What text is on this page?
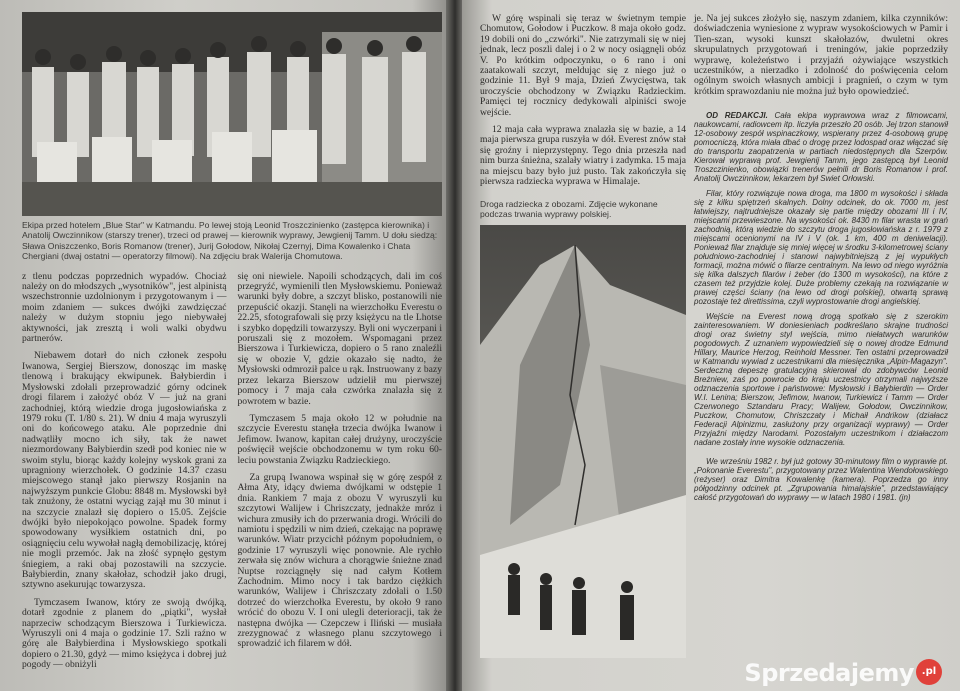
Ekipa przed hotelem „Blue Star" w Katmandu. Po lewej stoją Leonid Troszczinienko (zastępca kierownika) i Anatolij Owczinnikow (starszy trener), trzeci od prawej — kierownik wyprawy, Jewgienij Tamm. U dołu siedzą: Sława Oniszczenko, Boris Romanow (trener), Jurij Gołodow, Nikołaj Czernyj, Dima Kowalenko i Chata Chergiani (dwaj ostatni — operatorzy filmowi). Na zdjęciu brak Walerija Chomutowa.

z tlenu podczas poprzednich wypadów. Chociaż należy on do młodszych „wysotników", jest alpinistą wszechstronnie uzdolnionym i przygotowanym i — moim zdaniem — sukces dwójki zawdzięczać należy w dużym stopniu jego niebywałej aktywności, jak zresztą i woli walki obydwu partnerów.

Niebawem dotarł do nich członek zespołu Iwanowa, Sergiej Bierszow, donosząc im maskę tlenową i brakujący ekwipunek. Bałybierdin i Mysłowski zdołali przeprowadzić górny odcinek drogi filarem i założyć obóz V — już na grani zachodniej, którą wiedzie droga jugosłowiańska z 1979 roku (T. 1/80 s. 21). W dniu 4 maja wyruszyli oni do końcowego ataku. Ale poprzednie dni nadwątliły mocno ich siły, tak że nawet niezmordowany Bałybierdin szedł pod koniec nie w swoim stylu, biorąc każdy kolejny wyskok grani za upragniony wierzchołek. O godzinie 14.37 czasu miejscowego stanął jako pierwszy Rosjanin na najwyższym punkcie Globu: 8848 m. Mysłowski był tak znużony, że ostatni wyciąg zajął mu 30 minut i na szczycie znalazł się dopiero o 15.05. Zejście dwójki było niepokojąco powolne. Spadek formy spowodowany wysiłkiem ostatnich dni, po osiągnięciu celu wywołał nagłą demobilizację, której nie mogli przemóc. Jak na złość sypnęło gęstym śniegiem, a raki obaj pozostawili na szczycie. Bałybierdin, znany skałołaz, schodził jako drugi, sztywno asekurując towarzysza.

Tymczasem Iwanow, który ze swoją dwójką, dotarł zgodnie z planem do „piątki", wysłał naprzeciw schodzącym Bierszowa i Turkiewicza. Wyruszyli oni 4 maja o godzinie 17. Szli raźno w górę ale Bałybierdina i Mysłowskiego spotkali dopiero o 21.30, gdyż — mimo księżyca i dobrej już pogody — obniżyli

się oni niewiele. Napoili schodzących, dali im coś przegryźć, wymienili tlen Mysłowskiemu. Ponieważ warunki były dobre, a szczyt blisko, postanowili nie przepuścić okazji. Stanęli na wierzchołku Everestu o 22.25, sfotografowali się przy księżycu na tle Lhotse i szybko dopędzili towarzyszy. Byli oni wyczerpani i poruszali się z mozołem. Wspomagani przez Bierszowa i Turkiewicza, dopiero o 5 rano znaleźli się w obozie V, gdzie okazało się nadto, że Mysłowski odmroził palce u rąk. Instruowany z bazy przez lekarza Bierszow udzielił mu pierwszej pomocy i 7 maja cała czwórka znalazła się z powrotem w bazie.

Tymczasem 5 maja około 12 w południe na szczycie Everestu stanęła trzecia dwójka Iwanow i Jefimow. Iwanow, kapitan całej drużyny, uroczyście poświęcił wejście obchodzonemu w tym roku 60-leciu powstania Związku Radzieckiego.

Za grupą Iwanowa wspinał się w górę zespół z Ałma Aty, idący dwiema dwójkami w odstępie 1 dnia. Rankiem 7 maja z obozu V wyruszyli ku szczytowi Walijew i Chriszczaty, jednakże mróz i wichura zmusiły ich do przerwania drogi. Wrócili do namiotu i spędzili w nim dzień, czekając na poprawę warunków. Wiatr przycichł późnym popołudniem, o godzinie 17 wyruszyli więc ponownie. Ale rychło zerwała się znów wichura a chorągwie śnieżne znad Nuptse rozciągnęły się nad całym Kotłem Zachodnim. Mimo nocy i tak bardzo ciężkich warunków, Walijew i Chriszczaty zdołali o 1.50 dotrzeć do wierzchołka Everestu, by około 9 rano wrócić do obozu V. I oni ulegli deterioracji, tak że następna dwójka — Czepczew i Iliński — musiała zrezygnować z własnego planu szczytowego i sprowadzić ich filarem w dół.

W górę wspinali się teraz w świetnym tempie Chomutow, Gołodow i Puczkow. 8 maja około godz. 19 dobili oni do „czwórki". Nie zatrzymali się w niej jednak, lecz poszli dalej i o 2 w nocy osiągnęli obóz V. Po krótkim odpoczynku, o 6 rano i oni zaatakowali szczyt, meldując się z niego już o godzinie 11. Był 9 maja, Dzień Zwycięstwa, tak uroczyście obchodzony w Związku Radzieckim. Pamięci tej rocznicy dedykowali alpiniści swoje wejście.

12 maja cała wyprawa znalazła się w bazie, a 14 maja pierwsza grupa ruszyła w dół. Everest znów stał się groźny i nieprzystępny. Tego dnia przeszła nad nim burza śnieżna, szalały wiatry i zadymka. 15 maja na miejscu bazy było już pusto. Tak zakończyła się pierwsza radziecka wyprawa w Himalaje.

Droga radziecka z obozami. Zdjęcie wykonane podczas trwania wyprawy polskiej.

je. Na jej sukces złożyło się, naszym zdaniem, kilka czynników: doświadczenia wyniesione z wypraw wysokościowych w Pamir i Tien-szan, wysoki kunszt skałołazów, dwuletni okres skrupulatnych przygotowań i treningów, jakie poprzedziły wyprawę, koleżeństwo i przyjaźń ożywiające wszystkich uczestników, a nierzadko i zdolność do poświęcenia celom ogólnym swoich własnych ambicji i pragnień, o czym w tym krótkim sprawozdaniu nie można już było opowiedzieć.

OD REDAKCJI. Cała ekipa wyprawowa wraz z filmowcami, naukowcami, radiowcem itp. liczyła przeszło 20 osób. Jej trzon stanowił 12-osobowy zespół wspinaczkowy, wspierany przez 4-osobową grupę pomocniczą, która miała dbać o drogę przez lodospad oraz włączać się do transportu zaopatrzenia w partiach niedostępnych dla Szerpów. Kierował wyprawą prof. Jewgienij Tamm, jego zastępcą był Leonid Troszczinienko, obowiązki trenerów pełnili dr Boris Romanow i prof. Anatolij Owczinnikow, lekarzem był Swiet Orłowski.

Filar, który rozwiązuje nowa droga, ma 1800 m wysokości i składa się z kilku spiętrzeń skalnych. Dolny odcinek, do ok. 7000 m, jest łatwiejszy, najtrudniejsze okazały się partie między obozami III i IV, miejscami przewieszone. Na wysokości ok. 8430 m filar wrasta w grań zachodnią, którą wiedzie do szczytu droga jugosłowiańska z r. 1979 z miejscami ocenionymi na IV i V (ok. 1 km, 400 m deniwelacji). Ponieważ filar znajduje się mniej więcej w środku 3-kilometrowej ściany południowo-zachodniej i stanowi najwybitniejszą z jej wypukłych formacji, można mówić o filarze centralnym. Na lewo od niego wyróżnia się kilka dalszych filarów i żeber (do 1300 m wysokości), na które z czasem też przyjdzie kolej. Duże problemy czekają na rozwiązanie w prawej części ściany (na lewo od drogi polskiej), otwartą sprawą pozostaje też direttissima, czyli wyprostowanie drogi angielskiej.

Wejście na Everest nową drogą spotkało się z szerokim zainteresowaniem. W doniesieniach podkreślano skrajne trudności drogi oraz świetny styl wejścia, mimo niełatwych warunków pogodowych. Z uznaniem wypowiedzieli się o nowej drodze Edmund Hillary, Maurice Herzog, Reinhold Messner. Ten ostatni przeprowadził w Katmandu wywiad z uczestnikami dla miesięcznika „Alpin-Magazyn". Serdeczną depeszę gratulacyjną skierował do zdobywców Leonid Breżniew, zaś po powrocie do kraju uczestnicy otrzymali najwyższe odznaczenia sportowe i państwowe: Mysłowski i Bałybierdin — Order W.I. Lenina; Bierszow, Jefimow, Iwanow, Turkiewicz i Tamm — Order Czerwonego Sztandaru Pracy; Walijew, Gołodow, Owczinnikow, Puczkow, Chomutow, Chriszczaty i Michaił Andrikow (działacz Federacji Alpinizmu, zasłużony przy organizacji wyprawy) — Order Przyjaźni między Narodami. Pozostałym uczestnikom i działaczom nadane zostały inne wysokie odznaczenia.

We wrześniu 1982 r. był już gotowy 30-minutowy film o wyprawie pt. „Pokonanie Everestu", przygotowany przez Walentina Wendołowskiego (reżyser) oraz Dimitra Kowalenkę (kamera). Poprzedza go inny półgodzinny odcinek pt. „Zgrupowania himalajskie", przedstawiający całość przygotowań do wyprawy — w latach 1980 i 1981. (jn)

Sprzedajemy .pl
